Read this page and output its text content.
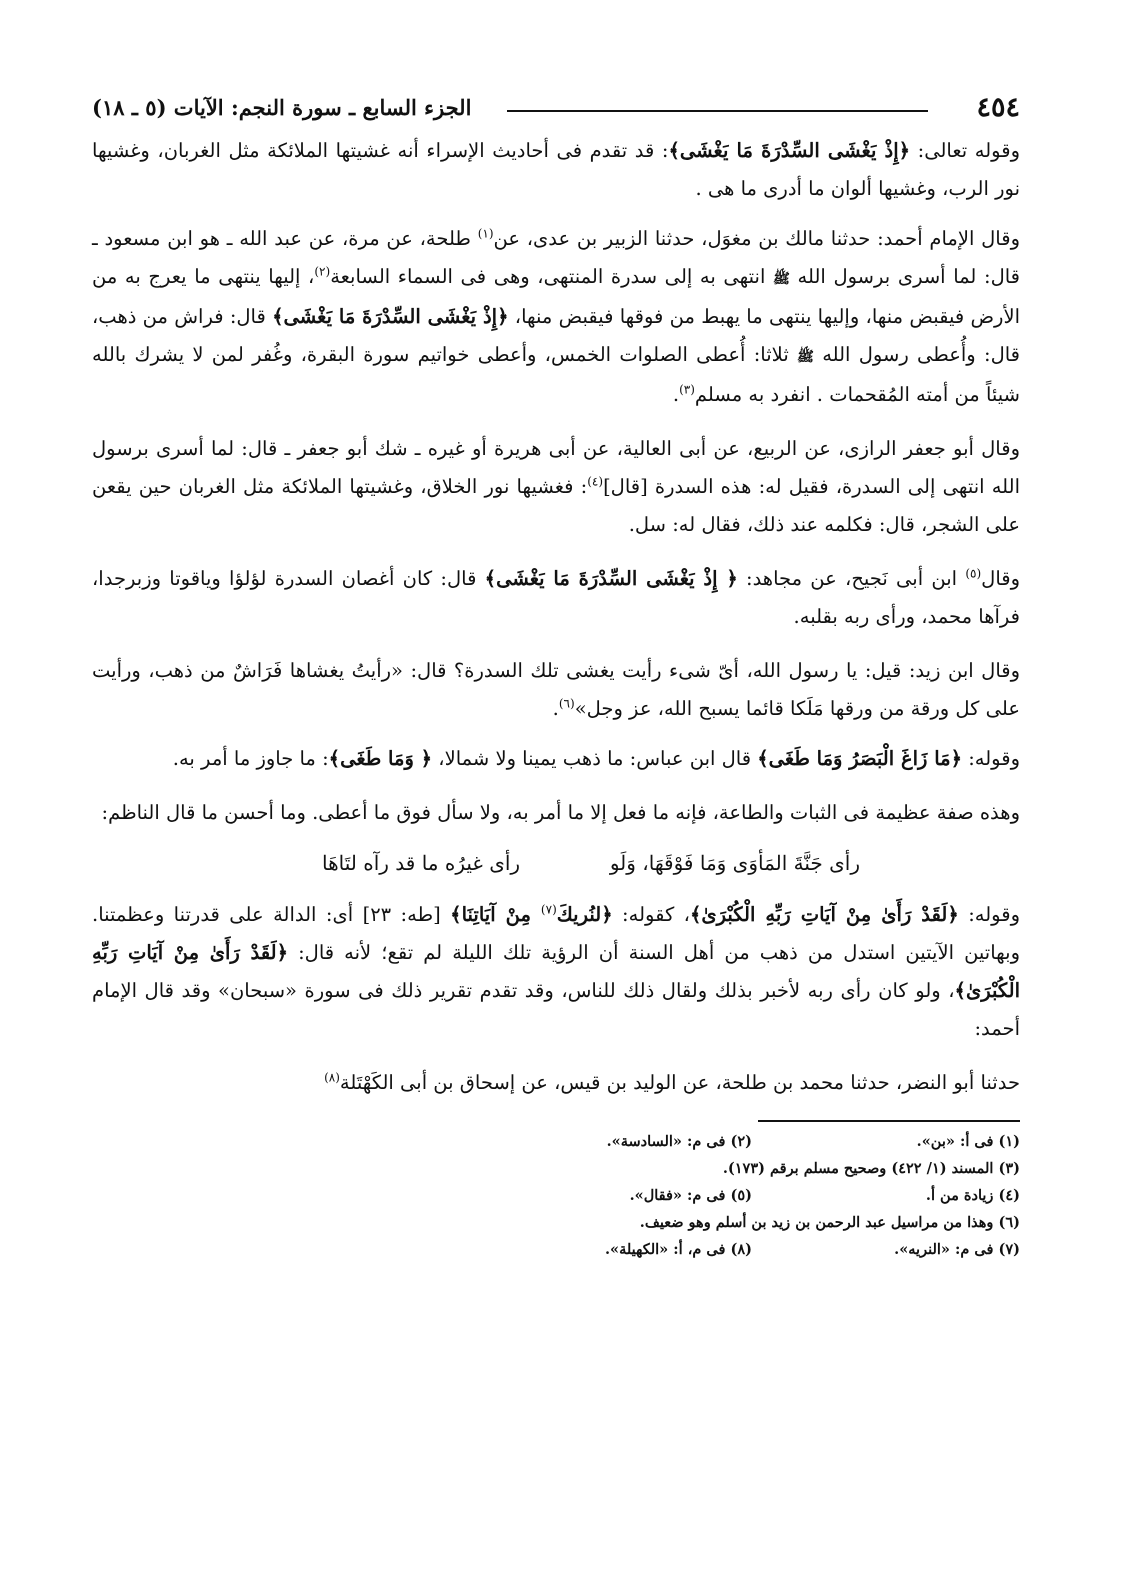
٤٥٤
الجزء السابع ـ سورة النجم: الآيات (٥ ـ ١٨)

وقوله تعالى: ﴿إِذْ يَغْشَى السِّدْرَةَ مَا يَغْشَى﴾: قد تقدم فى أحاديث الإسراء أنه غشيتها الملائكة مثل الغربان، وغشيها نور الرب، وغشيها ألوان ما أدرى ما هى .

وقال الإمام أحمد: حدثنا مالك بن مغوَل، حدثنا الزبير بن عدى، عن$^{(١)}$ طلحة، عن مرة، عن عبد الله ـ هو ابن مسعود ـ قال: لما أسرى برسول الله ﷺ انتهى به إلى سدرة المنتهى، وهى فى السماء السابعة$^{(٢)}$، إليها ينتهى ما يعرج به من الأرض فيقبض منها، وإليها ينتهى ما يهبط من فوقها فيقبض منها، ﴿إِذْ يَغْشَى السِّدْرَةَ مَا يَغْشَى﴾ قال: فراش من ذهب، قال: وأُعطى رسول الله ﷺ ثلاثا: أُعطى الصلوات الخمس، وأعطى خواتيم سورة البقرة، وغُفر لمن لا يشرك بالله شيئاً من أمته المُقحمات . انفرد به مسلم$^{(٣)}$.

وقال أبو جعفر الرازى، عن الربيع، عن أبى العالية، عن أبى هريرة أو غيره ـ شك أبو جعفر ـ قال: لما أسرى برسول الله انتهى إلى السدرة، فقيل له: هذه السدرة [قال]$^{(٤)}$: فغشيها نور الخلاق، وغشيتها الملائكة مثل الغربان حين يقعن على الشجر، قال: فكلمه عند ذلك، فقال له: سل.

وقال$^{(٥)}$ ابن أبى نَجيح، عن مجاهد: ﴿ إِذْ يَغْشَى السِّدْرَةَ مَا يَغْشَى﴾ قال: كان أغصان السدرة لؤلؤا وياقوتا وزبرجدا، فرآها محمد، ورأى ربه بقلبه.

وقال ابن زيد: قيل: يا رسول الله، أىّ شىء رأيت يغشى تلك السدرة؟ قال: «رأيتُ يغشاها فَرَاشٌ من ذهب، ورأيت على كل ورقة من ورقها مَلَكا قائما يسبح الله، عز وجل»$^{(٦)}$.

وقوله: ﴿مَا زَاغَ الْبَصَرُ وَمَا طَغَى﴾ قال ابن عباس: ما ذهب يمينا ولا شمالا، ﴿ وَمَا طَغَى﴾: ما جاوز ما أمر به.

وهذه صفة عظيمة فى الثبات والطاعة، فإنه ما فعل إلا ما أمر به، ولا سأل فوق ما أعطى. وما أحسن ما قال الناظم:

رأى جَنَّةَ المَأوَى وَمَا فَوْقَهَا، وَلَو
رأى غيرُه ما قد رآه لتَاهَا

وقوله: ﴿لَقَدْ رَأَىٰ مِنْ آيَاتِ رَبِّهِ الْكُبْرَىٰ﴾، كقوله: ﴿لنُريكَ$^{(٧)}$ مِنْ آيَاتِنَا﴾ [طه: ٢٣] أى: الدالة على قدرتنا وعظمتنا. وبهاتين الآيتين استدل من ذهب من أهل السنة أن الرؤية تلك الليلة لم تقع؛ لأنه قال: ﴿لَقَدْ رَأَىٰ مِنْ آيَاتِ رَبِّهِ الْكُبْرَىٰ﴾، ولو كان رأى ربه لأخبر بذلك ولقال ذلك للناس، وقد تقدم تقرير ذلك فى سورة «سبحان» وقد قال الإمام أحمد:

حدثنا أبو النضر، حدثنا محمد بن طلحة، عن الوليد بن قيس، عن إسحاق بن أبى الكَهْتَلة$^{(٨)}$

(١) فى أ: «بن».
(٢) فى م: «السادسة».
(٣) المسند (١/ ٤٢٢) وصحيح مسلم برقم (١٧٣).
(٤) زيادة من أ.
(٥) فى م: «فقال».
(٦) وهذا من مراسيل عبد الرحمن بن زيد بن أسلم وهو ضعيف.
(٧) فى م: «النريه».
(٨) فى م، أ: «الكهيلة».
